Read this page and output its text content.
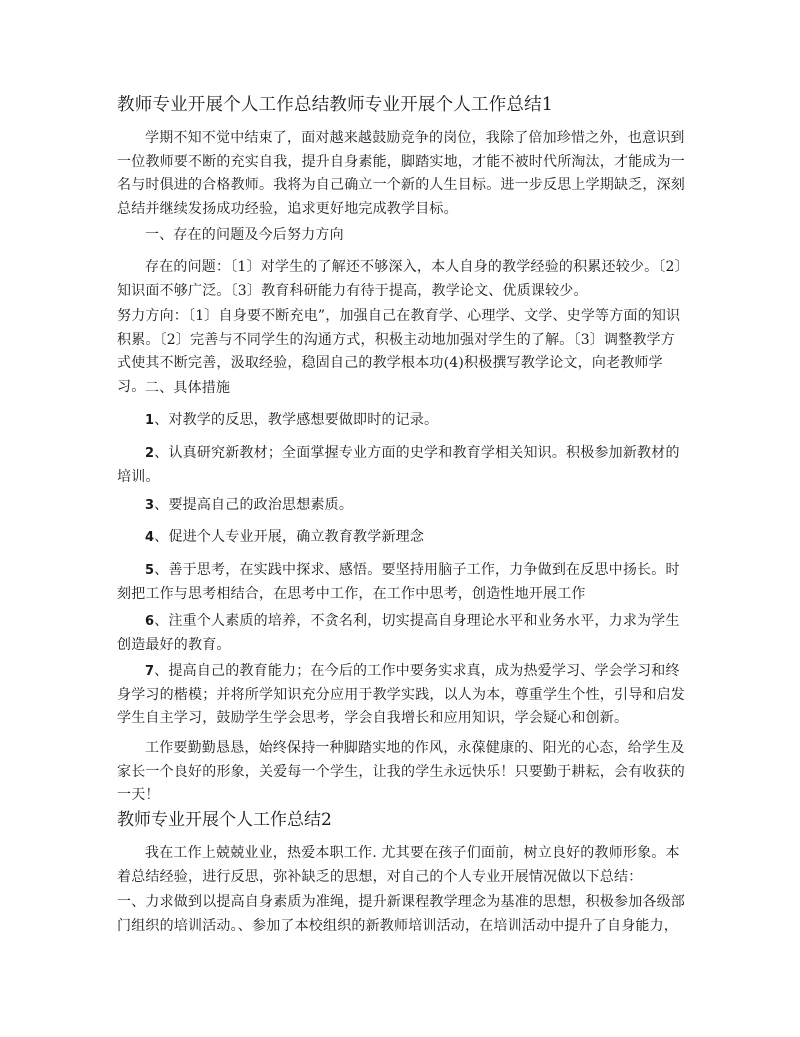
教师专业开展个人工作总结教师专业开展个人工作总结1

学期不知不觉中结束了，面对越来越鼓励竞争的岗位，我除了倍加珍惜之外，也意识到一位教师要不断的充实自我，提升自身素能，脚踏实地，才能不被时代所淘汰，才能成为一名与时俱进的合格教师。我将为自己确立一个新的人生目标。进一步反思上学期缺乏，深刻总结并继续发扬成功经验，追求更好地完成教学目标。

一、存在的问题及今后努力方向

存在的问题：〔1〕对学生的了解还不够深入，本人自身的教学经验的积累还较少。〔2〕知识面不够广泛。〔3〕教育科研能力有待于提高，教学论文、优质课较少。

努力方向：〔1〕自身要不断充电”，加强自己在教育学、心理学、文学、史学等方面的知识积累。〔2〕完善与不同学生的沟通方式，积极主动地加强对学生的了解。〔3〕调整教学方式使其不断完善，汲取经验，稳固自己的教学根本功(4)积极撰写教学论文，向老教师学习。 二、具体措施

1、对教学的反思，教学感想要做即时的记录。

2、认真研究新教材；全面掌握专业方面的史学和教育学相关知识。积极参加新教材的培训。

3、要提高自己的政治思想素质。

4、促进个人专业开展，确立教育教学新理念

5、善于思考，在实践中探求、感悟。要坚持用脑子工作，力争做到在反思中扬长。时刻把工作与思考相结合，在思考中工作，在工作中思考，创造性地开展工作

6、注重个人素质的培养，不贪名利，切实提高自身理论水平和业务水平，力求为学生创造最好的教育。

7、提高自己的教育能力；在今后的工作中要务实求真，成为热爱学习、学会学习和终身学习的楷模；并将所学知识充分应用于教学实践，以人为本，尊重学生个性，引导和启发学生自主学习，鼓励学生学会思考，学会自我增长和应用知识，学会疑心和创新。

工作要勤勤恳恳，始终保持一种脚踏实地的作风，永葆健康的、阳光的心态，给学生及家长一个良好的形象，关爱每一个学生，让我的学生永远快乐！只要勤于耕耘，会有收获的一天！

教师专业开展个人工作总结2

我在工作上兢兢业业，热爱本职工作. 尤其要在孩子们面前，树立良好的教师形象。本着总结经验，进行反思，弥补缺乏的思想，对自己的个人专业开展情况做以下总结：

一、力求做到以提高自身素质为准绳，提升新课程教学理念为基准的思想，积极参加各级部门组织的培训活动。、参加了本校组织的新教师培训活动，在培训活动中提升了自身能力，
